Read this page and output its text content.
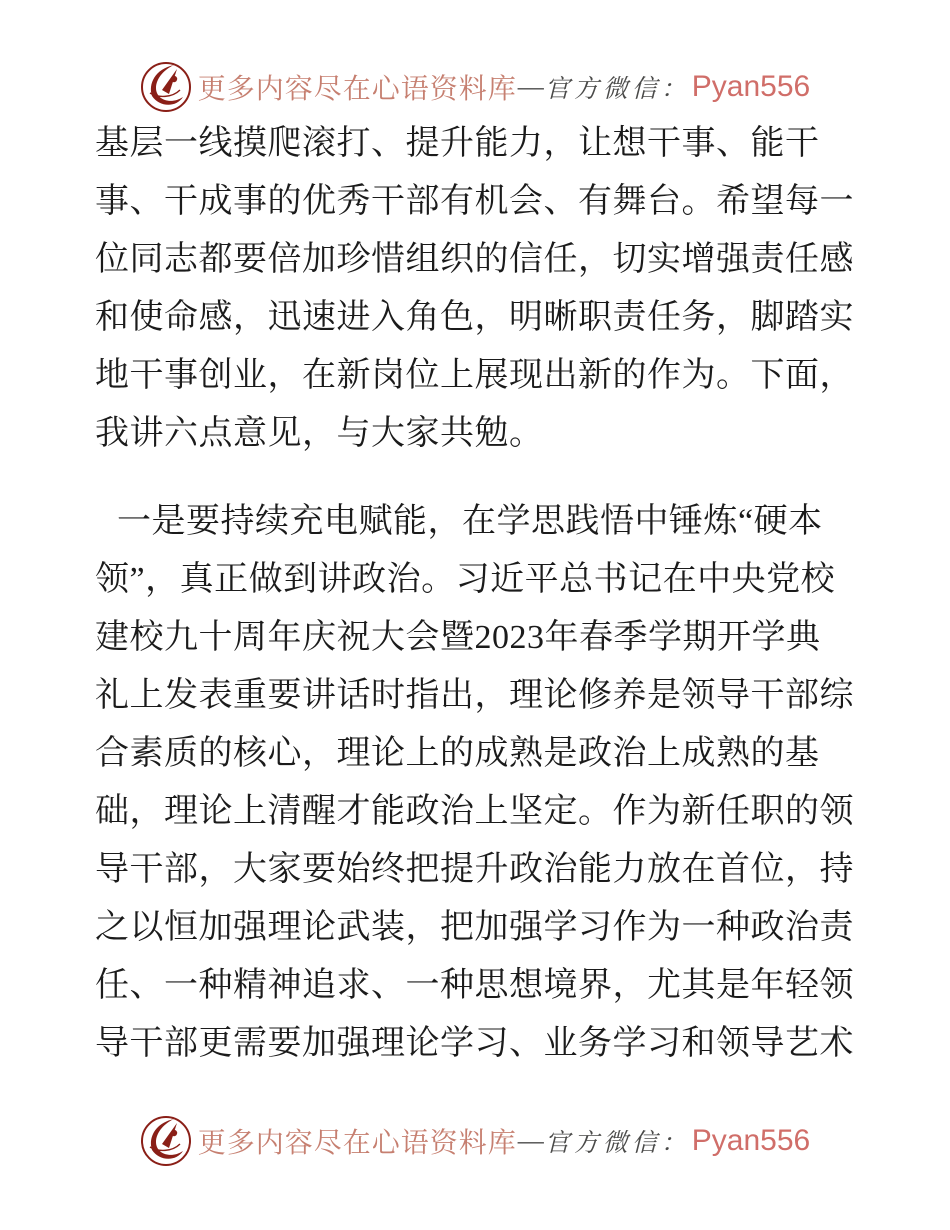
更多内容尽在心语资料库 — 官方微信： Pyan556
基层一线摸爬滚打、提升能力，让想干事、能干
事、干成事的优秀干部有机会、有舞台。希望每一
位同志都要倍加珍惜组织的信任，切实增强责任感
和使命感，迅速进入角色，明晰职责任务，脚踏实
地干事创业，在新岗位上展现出新的作为。下面，
我讲六点意见，与大家共勉。
一是要持续充电赋能，在学思践悟中锤炼“硬本
领”，真正做到讲政治。习近平总书记在中央党校
建校九十周年庆祝大会暨2023年春季学期开学典
礼上发表重要讲话时指出，理论修养是领导干部综
合素质的核心，理论上的成熟是政治上成熟的基
础，理论上清醒才能政治上坚定。作为新任职的领
导干部，大家要始终把提升政治能力放在首位，持
之以恒加强理论武装，把加强学习作为一种政治责
任、一种精神追求、一种思想境界，尤其是年轻领
导干部更需要加强理论学习、业务学习和领导艺术
更多内容尽在心语资料库 — 官方微信： Pyan556
